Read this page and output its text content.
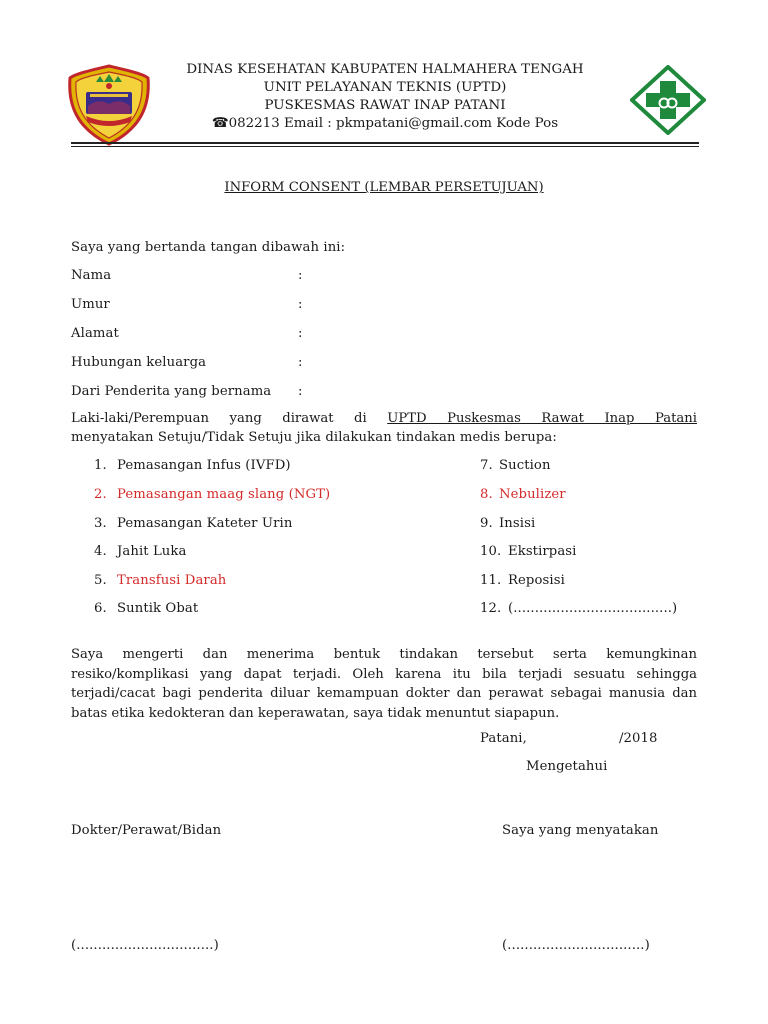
DINAS KESEHATAN KABUPATEN HALMAHERA TENGAH
UNIT PELAYANAN TEKNIS (UPTD)
PUSKESMAS RAWAT INAP PATANI
☎082213 Email : pkmpatani@gmail.com Kode Pos
INFORM CONSENT (LEMBAR PERSETUJUAN)
Saya yang bertanda tangan dibawah ini:
Nama	:
Umur	:
Alamat	:
Hubungan keluarga	:
Dari Penderita yang bernama :
Laki-laki/Perempuan yang dirawat di UPTD Puskesmas Rawat Inap Patani
menyatakan Setuju/Tidak Setuju jika dilakukan tindakan medis berupa:
1. Pemasangan Infus (IVFD)
2. Pemasangan maag slang (NGT)
3. Pemasangan Kateter Urin
4. Jahit Luka
5. Transfusi Darah
6. Suntik Obat
7. Suction
8. Nebulizer
9. Insisi
10. Ekstirpasi
11. Reposisi
12. (.....................................)
Saya mengerti dan menerima bentuk tindakan tersebut serta kemungkinan resiko/komplikasi yang dapat terjadi. Oleh karena itu bila terjadi sesuatu sehingga terjadi/cacat bagi penderita diluar kemampuan dokter dan perawat sebagai manusia dan batas etika kedokteran dan keperawatan, saya tidak menuntut siapapun.
Patani,	/2018
Mengetahui
Dokter/Perawat/Bidan	Saya yang menyatakan
(................................)	(................................)
